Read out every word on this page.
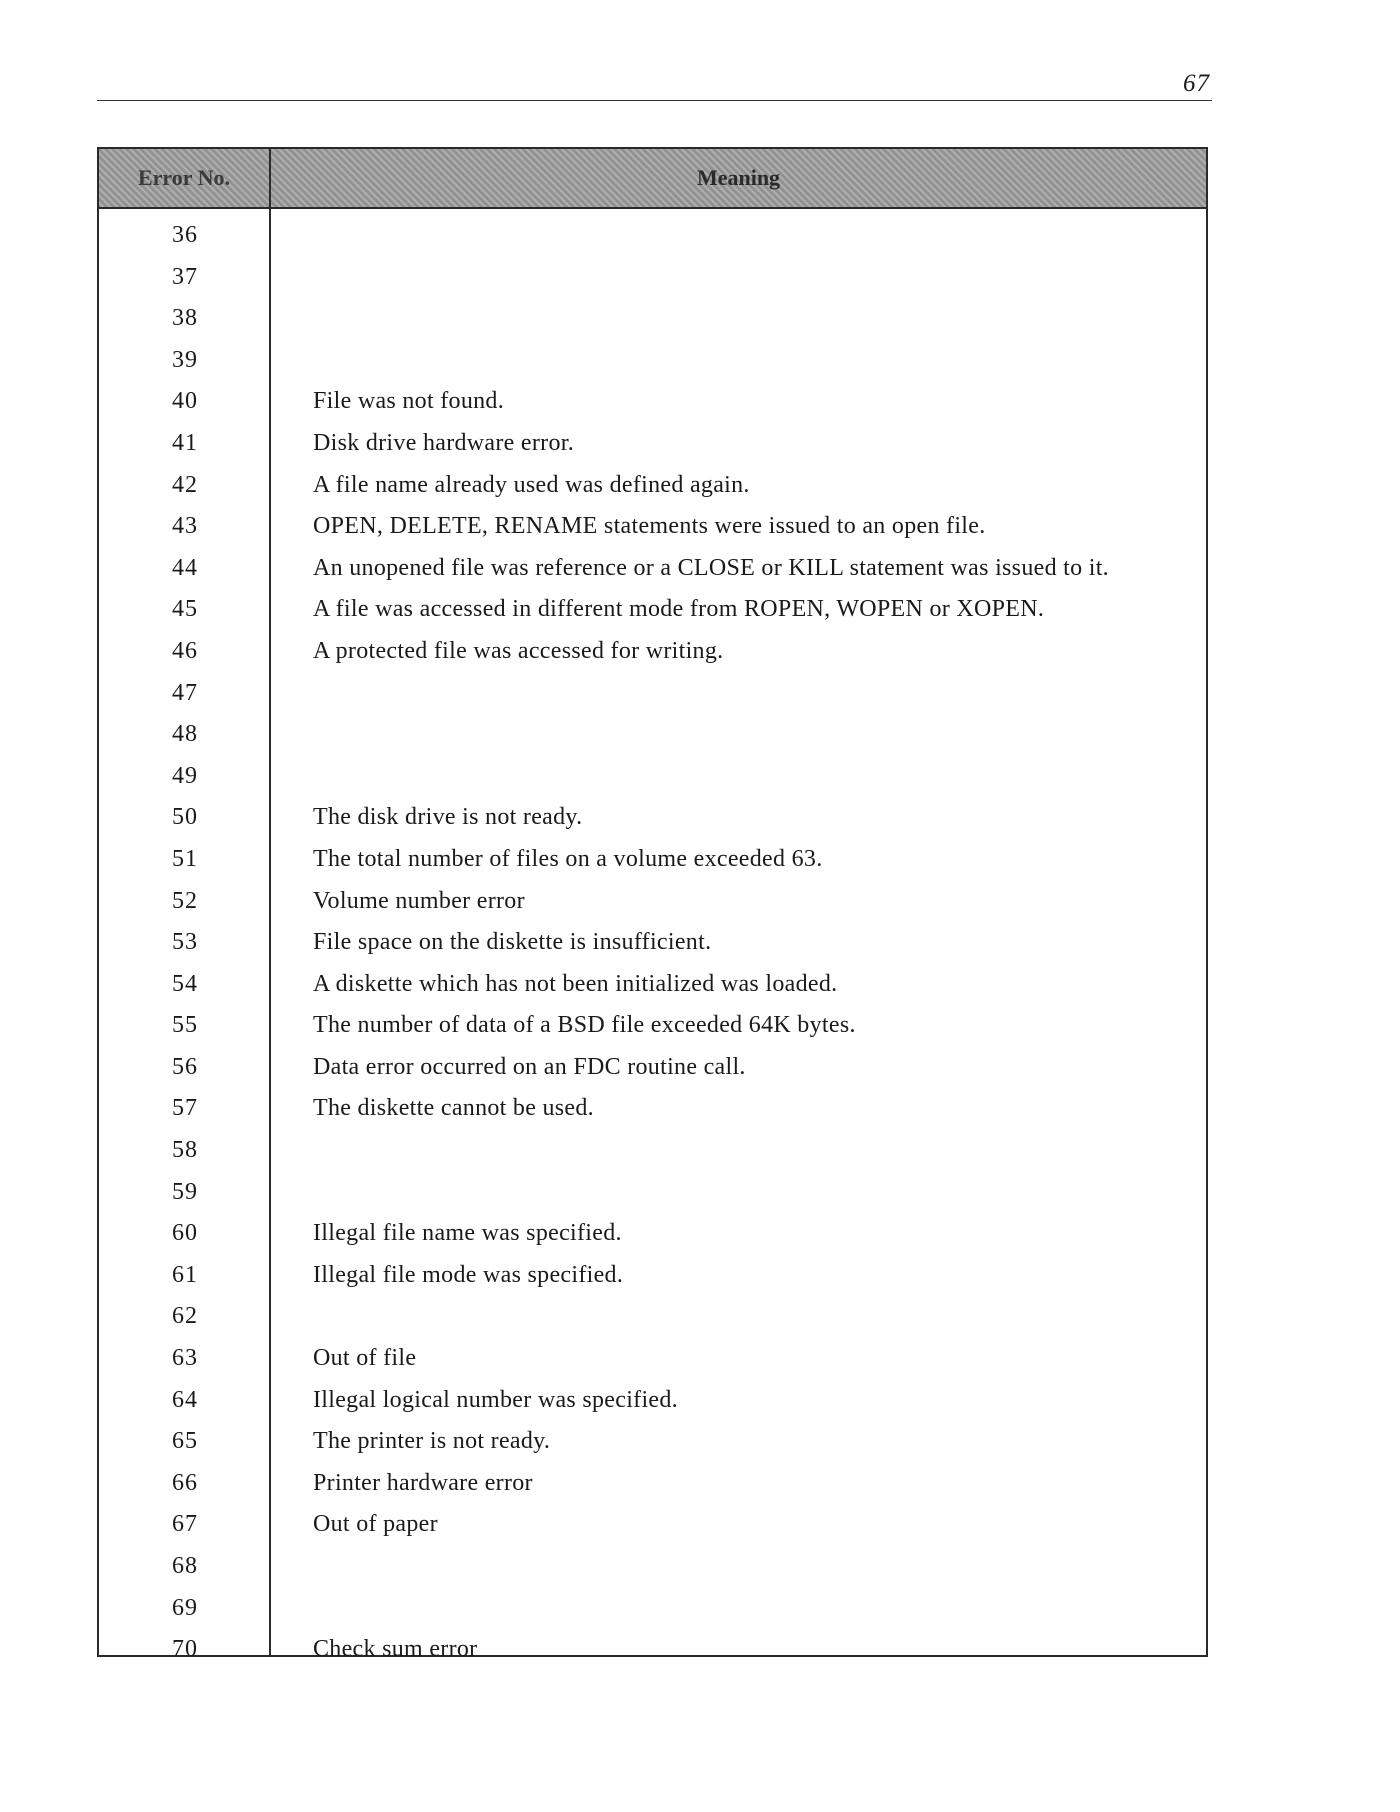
67
Error No.	Meaning
36
37
38
39
40	File was not found.
41	Disk drive hardware error.
42	A file name already used was defined again.
43	OPEN, DELETE, RENAME statements were issued to an open file.
44	An unopened file was reference or a CLOSE or KILL statement was issued to it.
45	A file was accessed in different mode from ROPEN, WOPEN or XOPEN.
46	A protected file was accessed for writing.
47
48
49
50	The disk drive is not ready.
51	The total number of files on a volume exceeded 63.
52	Volume number error
53	File space on the diskette is insufficient.
54	A diskette which has not been initialized was loaded.
55	The number of data of a BSD file exceeded 64K bytes.
56	Data error occurred on an FDC routine call.
57	The diskette cannot be used.
58
59
60	Illegal file name was specified.
61	Illegal file mode was specified.
62
63	Out of file
64	Illegal logical number was specified.
65	The printer is not ready.
66	Printer hardware error
67	Out of paper
68
69
70	Check sum error
